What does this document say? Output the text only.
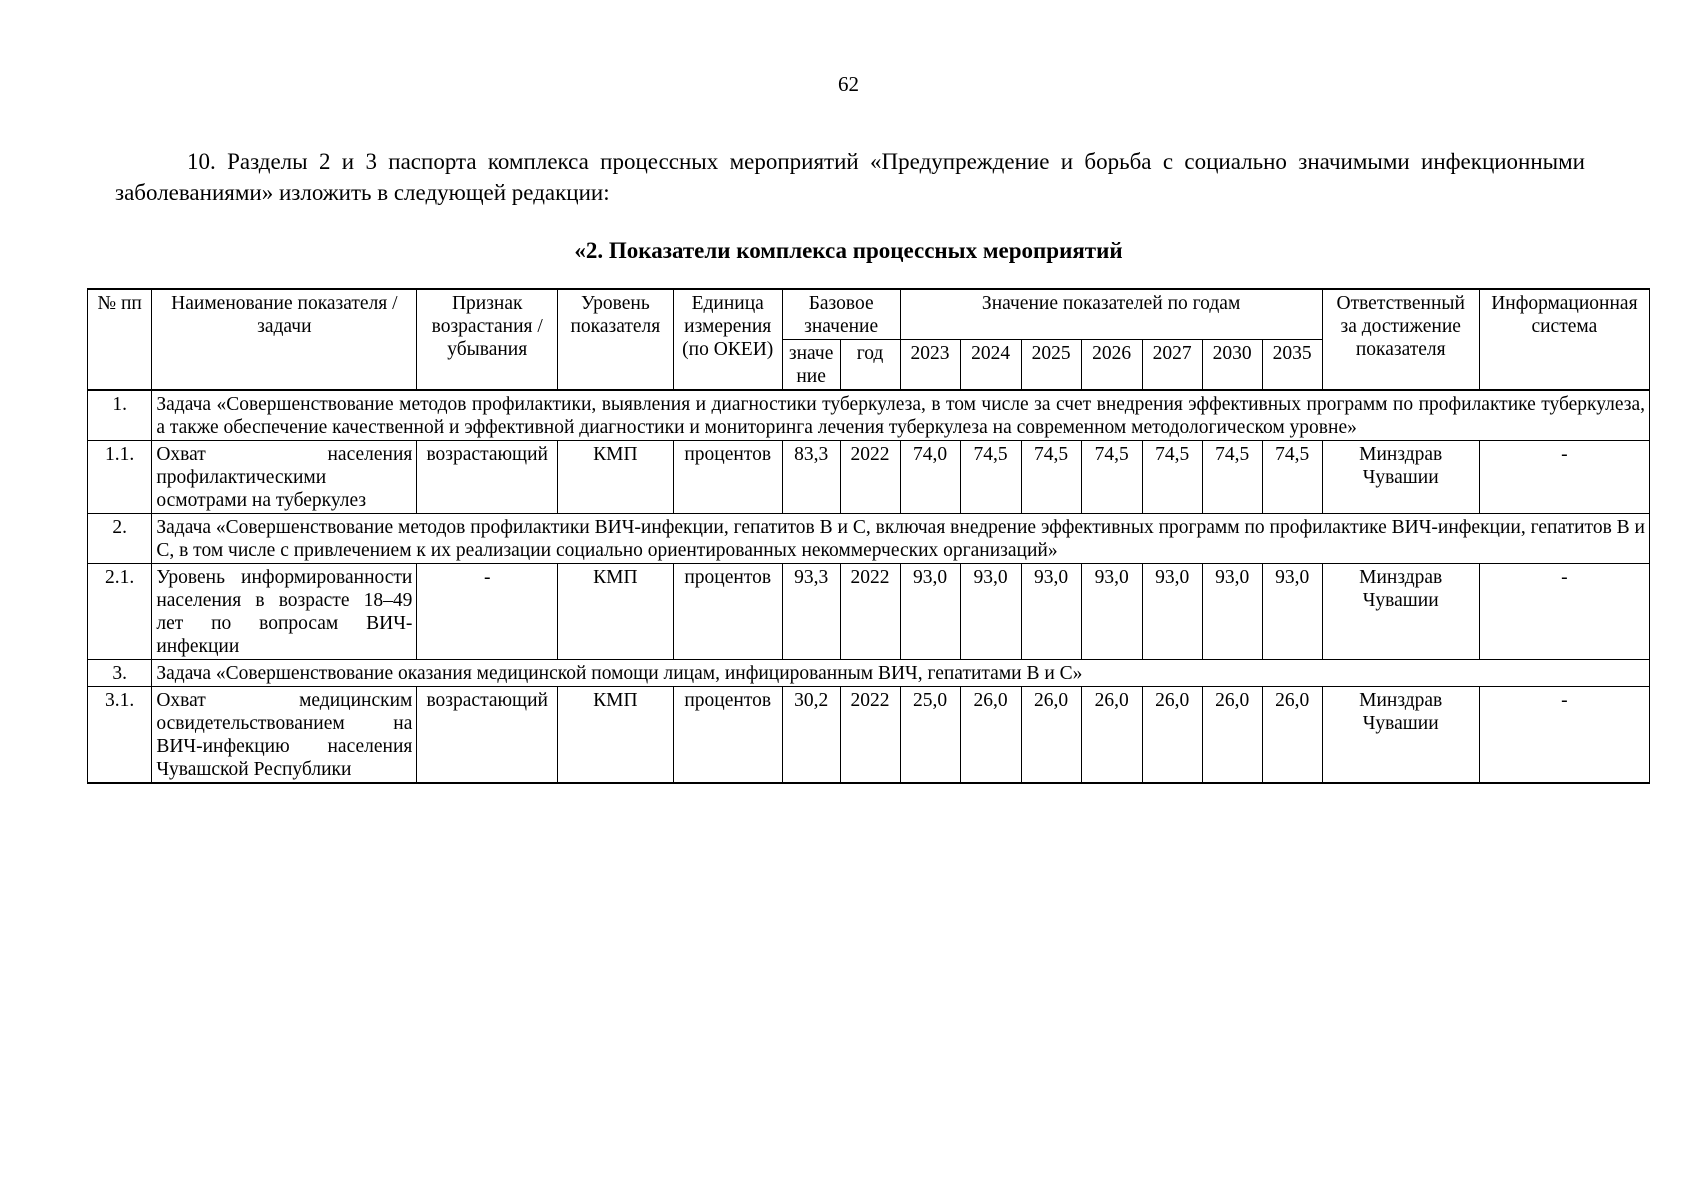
62

10. Разделы 2 и 3 паспорта комплекса процессных мероприятий «Предупреждение и борьба с социально значимыми инфекционными заболеваниями» изложить в следующей редакции:

«2. Показатели комплекса процессных мероприятий
№ пп	Наименование показателя / задачи	Признак возрастания / убывания	Уровень показателя	Единица измерения (по ОКЕИ)	Базовое значение		Значение показателей по годам							Ответственный за достижение показателя	Информационная система
					значение	год	2023	2024	2025	2026	2027	2030	2035		
1.	Задача «Совершенствование методов профилактики, выявления и диагностики туберкулеза, в том числе за счет внедрения эффективных программ по профилактике туберкулеза, а также обеспечение качественной и эффективной диагностики и мониторинга лечения туберкулеза на современном методологическом уровне»														
1.1.	Охват населения профилактическими осмотрами на туберкулез	возрастающий	КМП	процентов	83,3	2022	74,0	74,5	74,5	74,5	74,5	74,5	74,5	Минздрав Чувашии	-
2.	Задача «Совершенствование методов профилактики ВИЧ-инфекции, гепатитов B и C, включая внедрение эффективных программ по профилактике ВИЧ-инфекции, гепатитов B и C, в том числе с привлечением к их реализации социально ориентированных некоммерческих организаций»														
2.1.	Уровень информированности населения в возрасте 18–49 лет по вопросам ВИЧ-инфекции	-	КМП	процентов	93,3	2022	93,0	93,0	93,0	93,0	93,0	93,0	93,0	Минздрав Чувашии	-
3.	Задача «Совершенствование оказания медицинской помощи лицам, инфицированным ВИЧ, гепатитами B и C»														
3.1.	Охват медицинским освидетельствованием на ВИЧ-инфекцию населения Чувашской Республики	возрастающий	КМП	процентов	30,2	2022	25,0	26,0	26,0	26,0	26,0	26,0	26,0	Минздрав Чувашии	-
